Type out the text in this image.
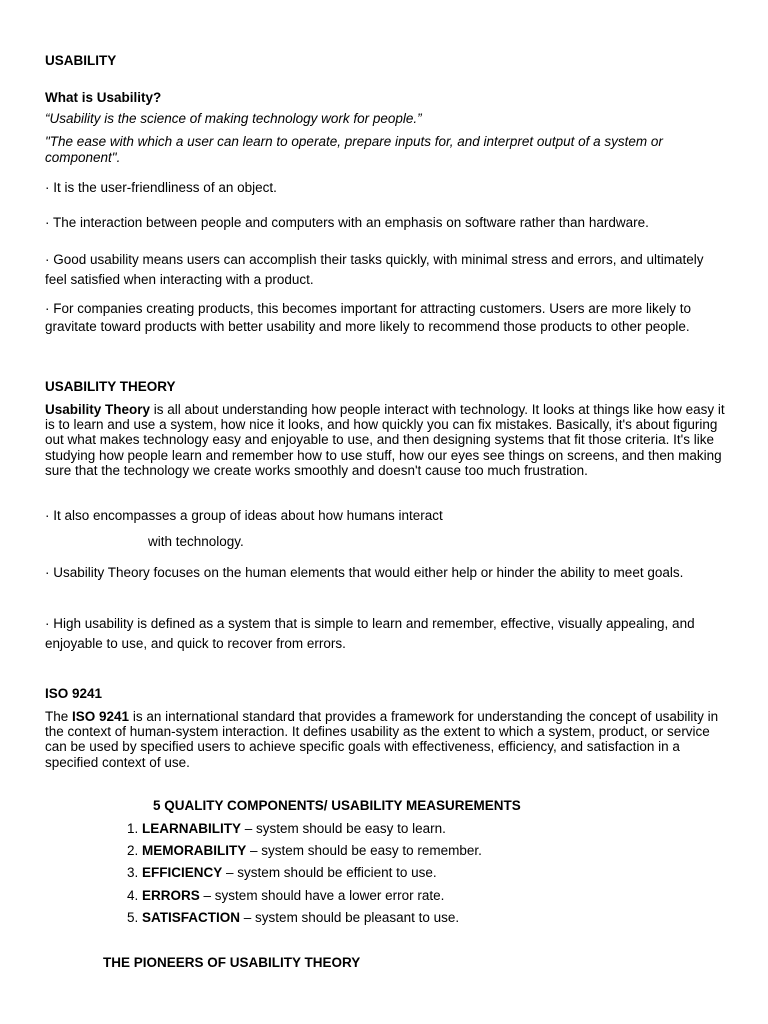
USABILITY

What is Usability?

“Usability is the science of making technology work for people.”

"The ease with which a user can learn to operate, prepare inputs for, and interpret output of a system or component".

· It is the user-friendliness of an object.

· The interaction between people and computers with an emphasis on software rather than hardware.

· Good usability means users can accomplish their tasks quickly, with minimal stress and errors, and ultimately feel satisfied when interacting with a product.

· For companies creating products, this becomes important for attracting customers. Users are more likely to gravitate toward products with better usability and more likely to recommend those products to other people.

USABILITY THEORY

Usability Theory is all about understanding how people interact with technology. It looks at things like how easy it is to learn and use a system, how nice it looks, and how quickly you can fix mistakes. Basically, it's about figuring out what makes technology easy and enjoyable to use, and then designing systems that fit those criteria. It's like studying how people learn and remember how to use stuff, how our eyes see things on screens, and then making sure that the technology we create works smoothly and doesn't cause too much frustration.

· It also encompasses a group of ideas about how humans interact

with technology.

· Usability Theory focuses on the human elements that would either help or hinder the ability to meet goals.

· High usability is defined as a system that is simple to learn and remember, effective, visually appealing, and enjoyable to use, and quick to recover from errors.

ISO 9241

The ISO 9241 is an international standard that provides a framework for understanding the concept of usability in the context of human-system interaction. It defines usability as the extent to which a system, product, or service can be used by specified users to achieve specific goals with effectiveness, efficiency, and satisfaction in a specified context of use.

5 QUALITY COMPONENTS/ USABILITY MEASUREMENTS

1. LEARNABILITY – system should be easy to learn.

2. MEMORABILITY – system should be easy to remember.

3. EFFICIENCY – system should be efficient to use.

4. ERRORS – system should have a lower error rate.

5. SATISFACTION – system should be pleasant to use.

THE PIONEERS OF USABILITY THEORY
